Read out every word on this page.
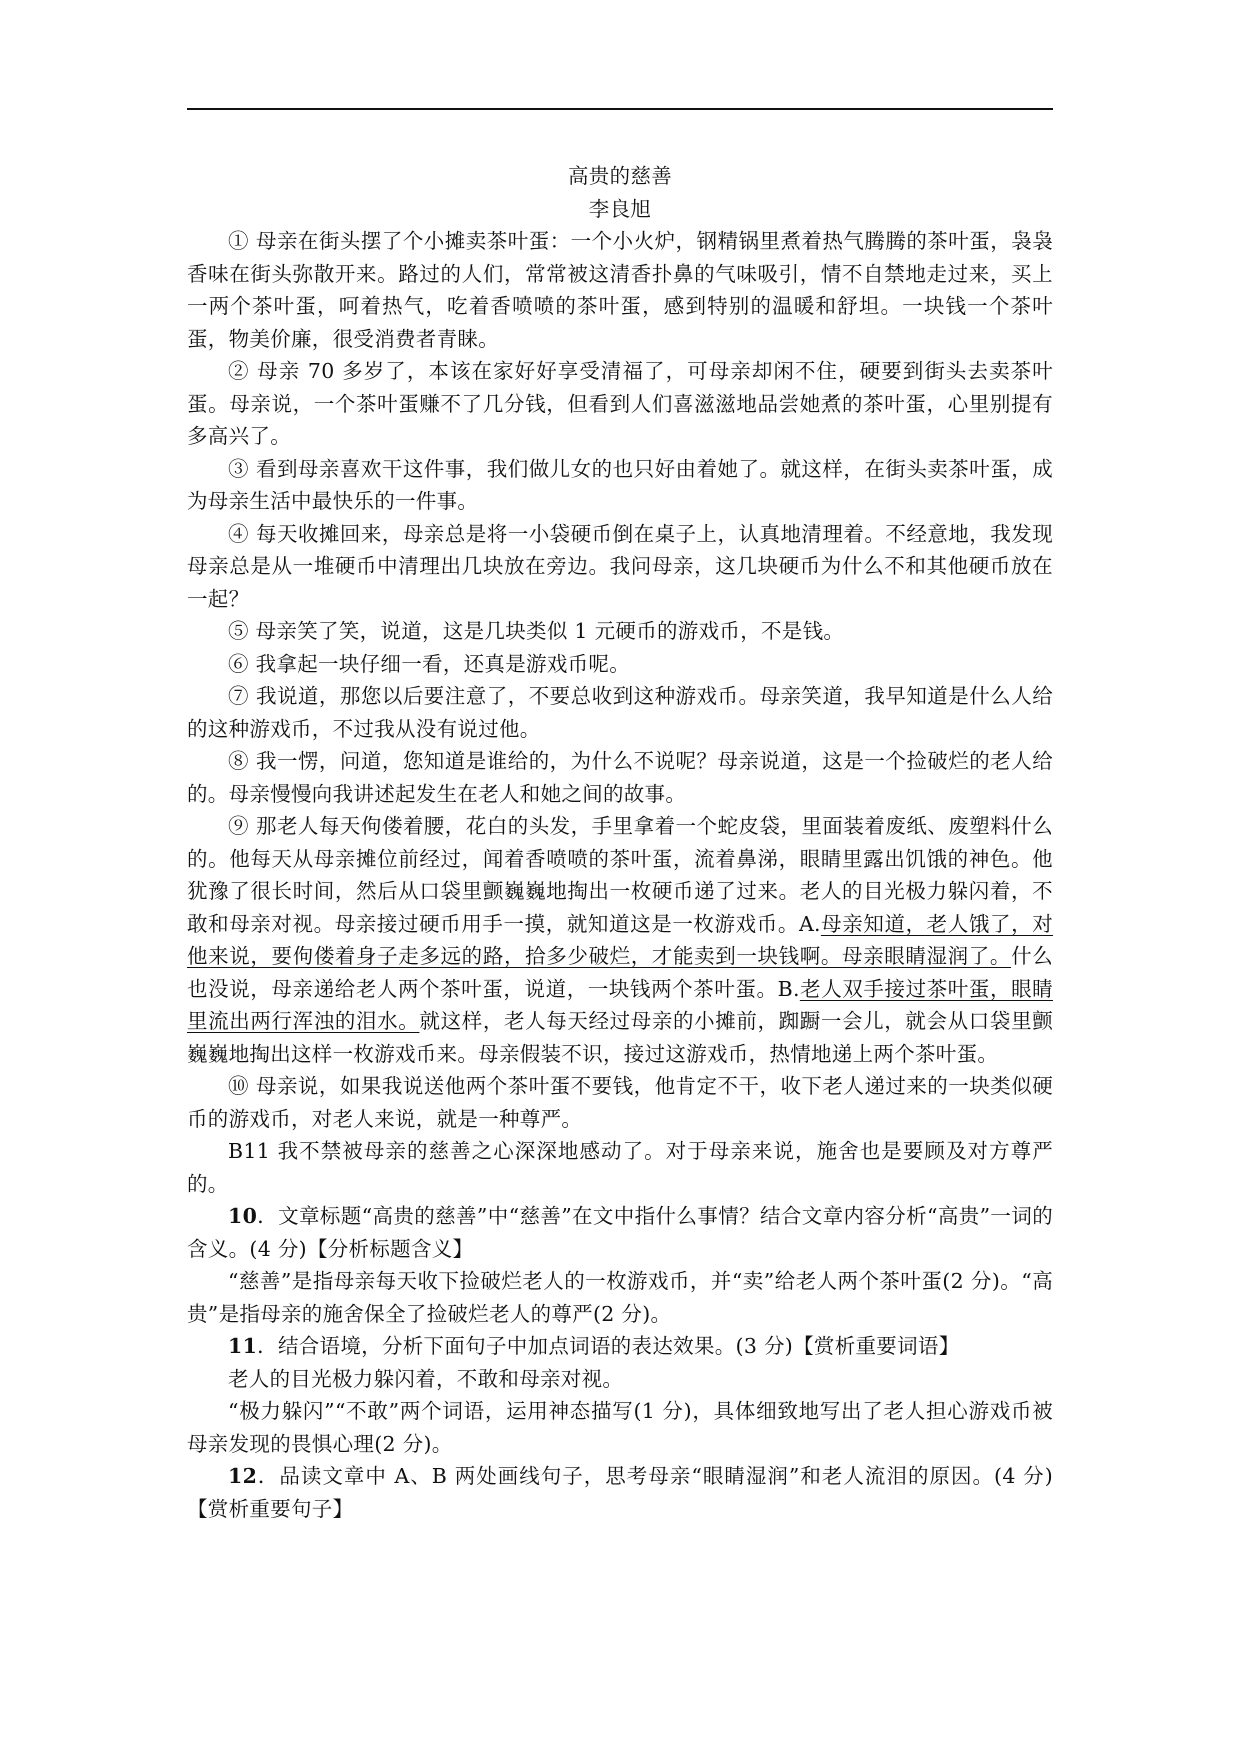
高贵的慈善

李良旭

① 母亲在街头摆了个小摊卖茶叶蛋：一个小火炉，钢精锅里煮着热气腾腾的茶叶蛋，袅袅香味在街头弥散开来。路过的人们，常常被这清香扑鼻的气味吸引，情不自禁地走过来，买上一两个茶叶蛋，呵着热气，吃着香喷喷的茶叶蛋，感到特别的温暖和舒坦。一块钱一个茶叶蛋，物美价廉，很受消费者青睐。

② 母亲 70 多岁了，本该在家好好享受清福了，可母亲却闲不住，硬要到街头去卖茶叶蛋。母亲说，一个茶叶蛋赚不了几分钱，但看到人们喜滋滋地品尝她煮的茶叶蛋，心里别提有多高兴了。

③ 看到母亲喜欢干这件事，我们做儿女的也只好由着她了。就这样，在街头卖茶叶蛋，成为母亲生活中最快乐的一件事。

④ 每天收摊回来，母亲总是将一小袋硬币倒在桌子上，认真地清理着。不经意地，我发现母亲总是从一堆硬币中清理出几块放在旁边。我问母亲，这几块硬币为什么不和其他硬币放在一起？

⑤ 母亲笑了笑，说道，这是几块类似 1 元硬币的游戏币，不是钱。

⑥ 我拿起一块仔细一看，还真是游戏币呢。

⑦ 我说道，那您以后要注意了，不要总收到这种游戏币。母亲笑道，我早知道是什么人给的这种游戏币，不过我从没有说过他。

⑧ 我一愣，问道，您知道是谁给的，为什么不说呢？母亲说道，这是一个捡破烂的老人给的。母亲慢慢向我讲述起发生在老人和她之间的故事。

⑨ 那老人每天佝偻着腰，花白的头发，手里拿着一个蛇皮袋，里面装着废纸、废塑料什么的。他每天从母亲摊位前经过，闻着香喷喷的茶叶蛋，流着鼻涕，眼睛里露出饥饿的神色。他犹豫了很长时间，然后从口袋里颤巍巍地掏出一枚硬币递了过来。老人的目光极力躲闪着，不敢和母亲对视。母亲接过硬币用手一摸，就知道这是一枚游戏币。A.母亲知道，老人饿了，对他来说，要佝偻着身子走多远的路，拾多少破烂，才能卖到一块钱啊。母亲眼睛湿润了。什么也没说，母亲递给老人两个茶叶蛋，说道，一块钱两个茶叶蛋。B.老人双手接过茶叶蛋，眼睛里流出两行浑浊的泪水。就这样，老人每天经过母亲的小摊前，踟蹰一会儿，就会从口袋里颤巍巍地掏出这样一枚游戏币来。母亲假装不识，接过这游戏币，热情地递上两个茶叶蛋。

⑩ 母亲说，如果我说送他两个茶叶蛋不要钱，他肯定不干，收下老人递过来的一块类似硬币的游戏币，对老人来说，就是一种尊严。

B11 我不禁被母亲的慈善之心深深地感动了。对于母亲来说，施舍也是要顾及对方尊严的。

10．文章标题“高贵的慈善”中“慈善”在文中指什么事情？结合文章内容分析“高贵”一词的含义。(4 分)【分析标题含义】

“慈善”是指母亲每天收下捡破烂老人的一枚游戏币，并“卖”给老人两个茶叶蛋(2 分)。“高贵”是指母亲的施舍保全了捡破烂老人的尊严(2 分)。

11．结合语境，分析下面句子中加点词语的表达效果。(3 分)【赏析重要词语】

老人的目光极力躲闪着，不敢和母亲对视。

“极力躲闪”“不敢”两个词语，运用神态描写(1 分)，具体细致地写出了老人担心游戏币被母亲发现的畏惧心理(2 分)。

12．品读文章中 A、B 两处画线句子，思考母亲“眼睛湿润”和老人流泪的原因。(4 分)【赏析重要句子】
